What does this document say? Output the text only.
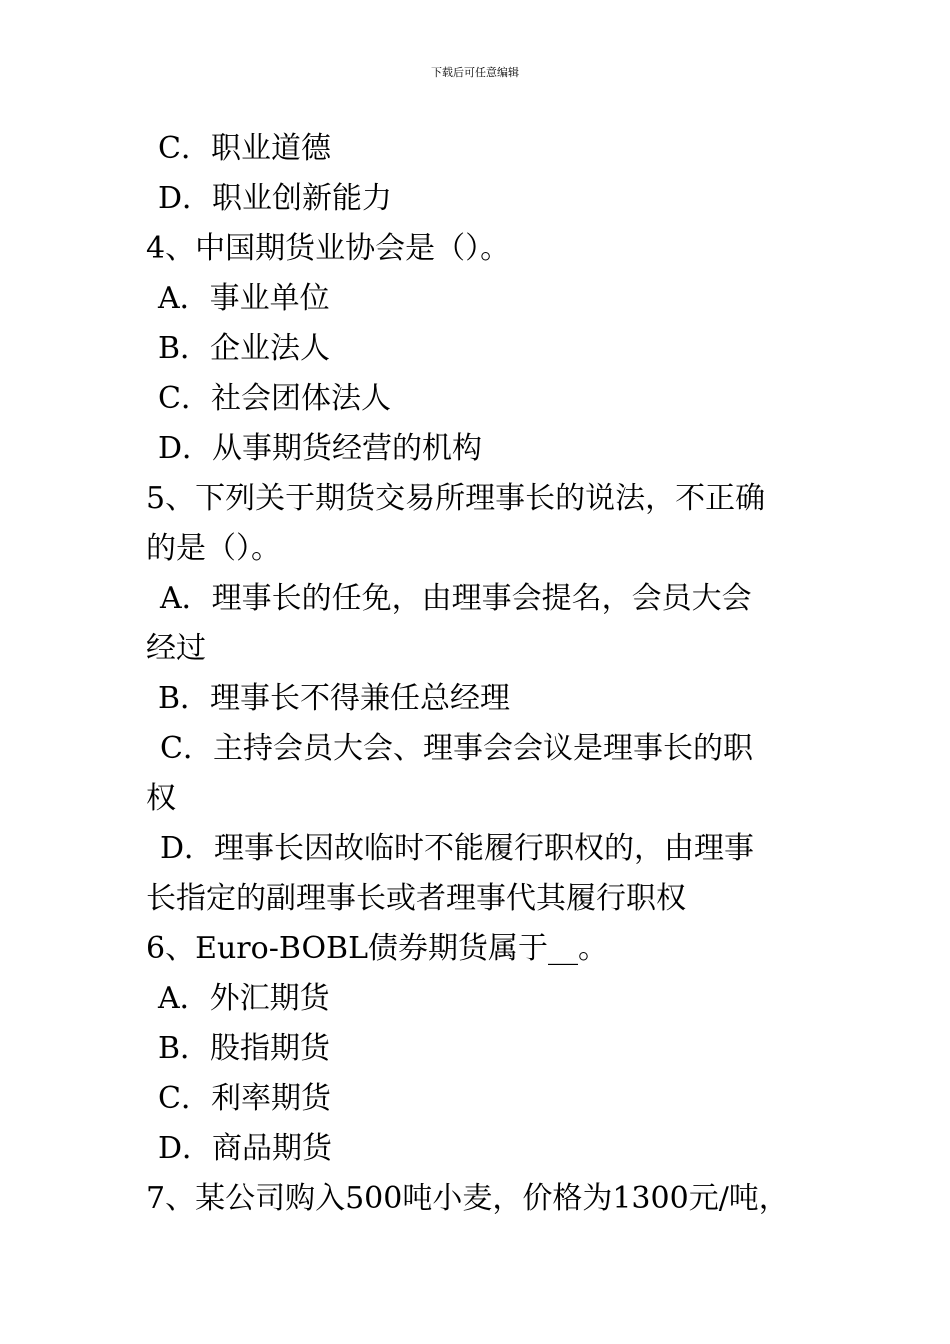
下载后可任意编辑
C．职业道德
D．职业创新能力
4、中国期货业协会是（）。
A．事业单位
B．企业法人
C．社会团体法人
D．从事期货经营的机构
5、下列关于期货交易所理事长的说法，不正确
的是（）。
A．理事长的任免，由理事会提名，会员大会
经过
B．理事长不得兼任总经理
C．主持会员大会、理事会会议是理事长的职
权
D．理事长因故临时不能履行职权的，由理事
长指定的副理事长或者理事代其履行职权
6、Euro-BOBL债券期货属于__。
A．外汇期货
B．股指期货
C．利率期货
D．商品期货
7、某公司购入500吨小麦，价格为1300元/吨，
